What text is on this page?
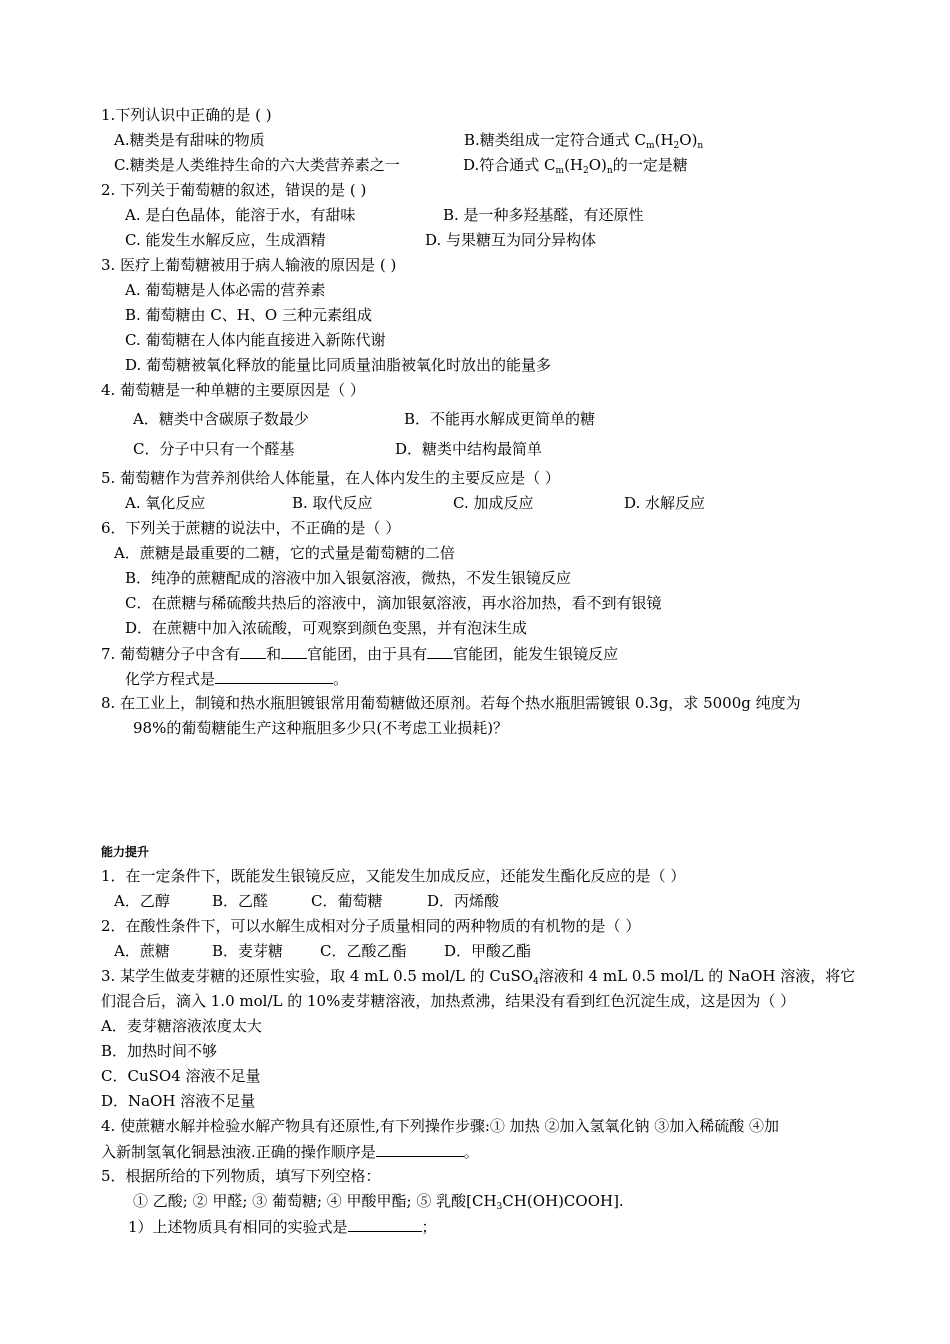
1.下列认识中正确的是 ( )
A.糖类是有甜味的物质	B.糖类组成一定符合通式 $C_m(H_2O)_n$
C.糖类是人类维持生命的六大类营养素之一	D.符合通式 $C_m(H_2O)_n$的一定是糖
2. 下列关于葡萄糖的叙述，错误的是 ( )
A. 是白色晶体，能溶于水，有甜味	B. 是一种多羟基醛，有还原性
C. 能发生水解反应，生成酒精	D. 与果糖互为同分异构体
3. 医疗上葡萄糖被用于病人输液的原因是 ( )
A. 葡萄糖是人体必需的营养素
B. 葡萄糖由 C、H、O 三种元素组成
C. 葡萄糖在人体内能直接进入新陈代谢
D. 葡萄糖被氧化释放的能量比同质量油脂被氧化时放出的能量多
4. 葡萄糖是一种单糖的主要原因是（ ）
A．糖类中含碳原子数最少	B．不能再水解成更简单的糖
C．分子中只有一个醛基	D．糖类中结构最简单
5. 葡萄糖作为营养剂供给人体能量，在人体内发生的主要反应是（ ）
A. 氧化反应	B. 取代反应	C. 加成反应	D. 水解反应
6．下列关于蔗糖的说法中，不正确的是（ ）
A．蔗糖是最重要的二糖，它的式量是葡萄糖的二倍
B．纯净的蔗糖配成的溶液中加入银氨溶液，微热，不发生银镜反应
C．在蔗糖与稀硫酸共热后的溶液中，滴加银氨溶液，再水浴加热，看不到有银镜
D．在蔗糖中加入浓硫酸，可观察到颜色变黑，并有泡沫生成
7. 葡萄糖分子中含有 和 官能团，由于具有 官能团，能发生银镜反应
化学方程式是	。
8. 在工业上，制镜和热水瓶胆镀银常用葡萄糖做还原剂。若每个热水瓶胆需镀银 0.3g，求 5000g 纯度为
98%的葡萄糖能生产这种瓶胆多少只(不考虑工业损耗)？
能力提升
1．在一定条件下，既能发生银镜反应，又能发生加成反应，还能发生酯化反应的是（ ）
A．乙醇	B．乙醛	C．葡萄糖	D．丙烯酸
2．在酸性条件下，可以水解生成相对分子质量相同的两种物质的有机物的是（ ）
A．蔗糖	B．麦芽糖 C．乙酸乙酯	D．甲酸乙酯
3. 某学生做麦芽糖的还原性实验，取 4 mL 0.5 mol/L 的 CuSO$_4$溶液和 4 mL 0.5 mol/L 的 NaOH 溶液，将它
们混合后，滴入 1.0 mol/L 的 10%麦芽糖溶液，加热煮沸，结果没有看到红色沉淀生成，这是因为（ ）
A．麦芽糖溶液浓度太大
B．加热时间不够
C．CuSO4 溶液不足量
D．NaOH 溶液不足量
4. 使蔗糖水解并检验水解产物具有还原性,有下列操作步骤:① 加热 ②加入氢氧化钠 ③加入稀硫酸 ④加
入新制氢氧化铜悬浊液.正确的操作顺序是	。
5．根据所给的下列物质，填写下列空格：
① 乙酸; ② 甲醛; ③ 葡萄糖; ④ 甲酸甲酯; ⑤ 乳酸$[CH_3CH(OH)COOH]$.
1）上述物质具有相同的实验式是	；
